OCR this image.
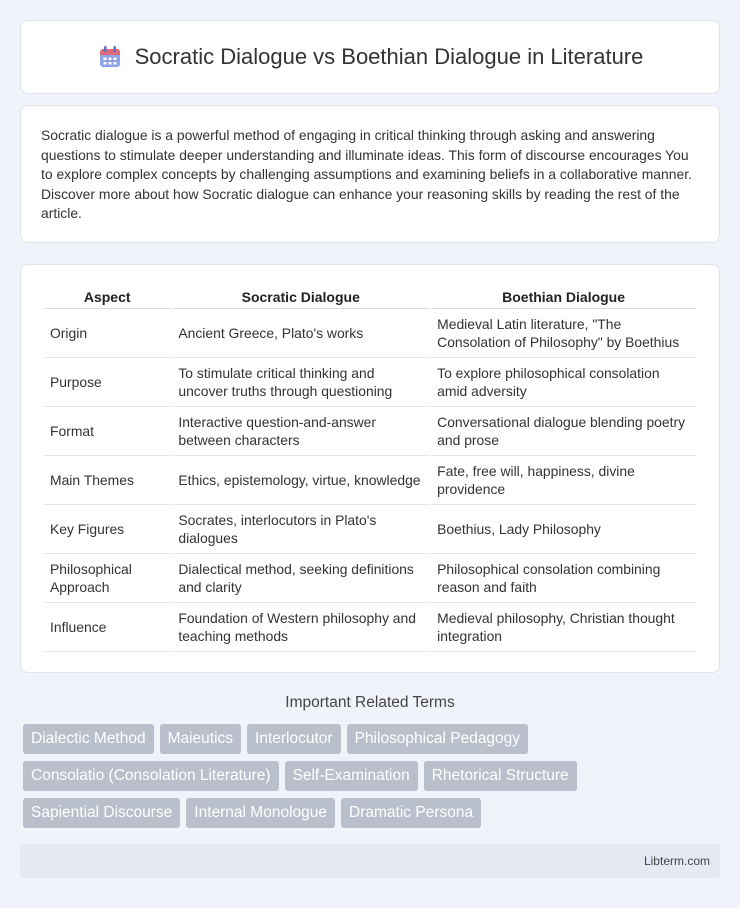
Socratic Dialogue vs Boethian Dialogue in Literature

Socratic dialogue is a powerful method of engaging in critical thinking through asking and answering questions to stimulate deeper understanding and illuminate ideas. This form of discourse encourages You to explore complex concepts by challenging assumptions and examining beliefs in a collaborative manner. Discover more about how Socratic dialogue can enhance your reasoning skills by reading the rest of the article.

Aspect	Socratic Dialogue	Boethian Dialogue
Origin	Ancient Greece, Plato's works	Medieval Latin literature, "The Consolation of Philosophy" by Boethius
Purpose	To stimulate critical thinking and uncover truths through questioning	To explore philosophical consolation amid adversity
Format	Interactive question-and-answer between characters	Conversational dialogue blending poetry and prose
Main Themes	Ethics, epistemology, virtue, knowledge	Fate, free will, happiness, divine providence
Key Figures	Socrates, interlocutors in Plato's dialogues	Boethius, Lady Philosophy
Philosophical Approach	Dialectical method, seeking definitions and clarity	Philosophical consolation combining reason and faith
Influence	Foundation of Western philosophy and teaching methods	Medieval philosophy, Christian thought integration
Important Related Terms
Dialectic Method	Maieutics	Interlocutor	Philosophical Pedagogy
Consolatio (Consolation Literature)	Self-Examination	Rhetorical Structure
Sapiential Discourse	Internal Monologue	Dramatic Persona
Libterm.com
